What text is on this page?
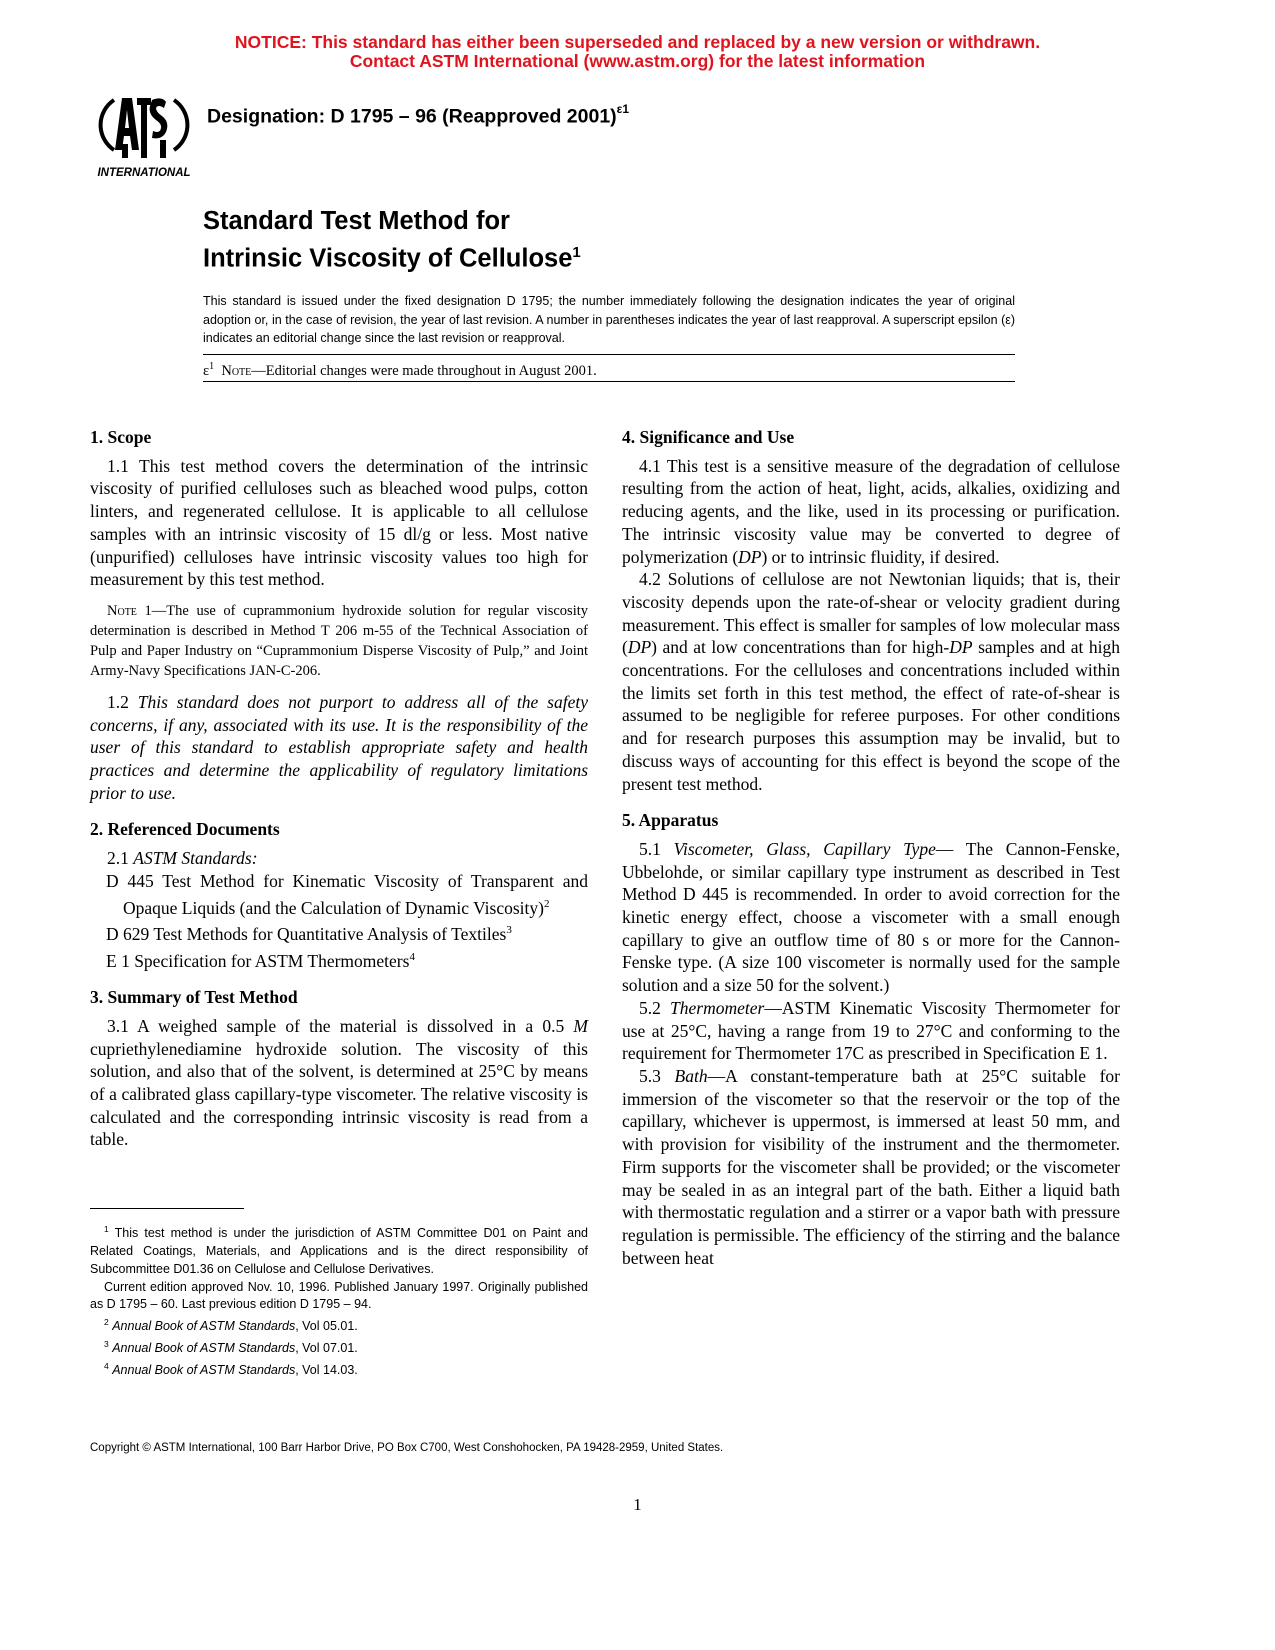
NOTICE: This standard has either been superseded and replaced by a new version or withdrawn.
Contact ASTM International (www.astm.org) for the latest information
INTERNATIONAL
Designation: D 1795 – 96 (Reapproved 2001)$^{\varepsilon 1}$
Standard Test Method for
Intrinsic Viscosity of Cellulose$^1$
This standard is issued under the fixed designation D 1795; the number immediately following the designation indicates the year of original adoption or, in the case of revision, the year of last revision. A number in parentheses indicates the year of last reapproval. A superscript epsilon (ε) indicates an editorial change since the last revision or reapproval.
$\varepsilon^1$ Note—Editorial changes were made throughout in August 2001.

1. Scope

1.1 This test method covers the determination of the intrinsic viscosity of purified celluloses such as bleached wood pulps, cotton linters, and regenerated cellulose. It is applicable to all cellulose samples with an intrinsic viscosity of 15 dl/g or less. Most native (unpurified) celluloses have intrinsic viscosity values too high for measurement by this test method.

Note 1—The use of cuprammonium hydroxide solution for regular viscosity determination is described in Method T 206 m-55 of the Technical Association of Pulp and Paper Industry on “Cuprammonium Disperse Viscosity of Pulp,” and Joint Army-Navy Specifications JAN-C-206.

1.2 This standard does not purport to address all of the safety concerns, if any, associated with its use. It is the responsibility of the user of this standard to establish appropriate safety and health practices and determine the applicability of regulatory limitations prior to use.

2. Referenced Documents

2.1 ASTM Standards:

D 445 Test Method for Kinematic Viscosity of Transparent and Opaque Liquids (and the Calculation of Dynamic Viscosity)$^2$

D 629 Test Methods for Quantitative Analysis of Textiles$^3$

E 1 Specification for ASTM Thermometers$^4$

3. Summary of Test Method

3.1 A weighed sample of the material is dissolved in a 0.5 M cupriethylenediamine hydroxide solution. The viscosity of this solution, and also that of the solvent, is determined at 25°C by means of a calibrated glass capillary-type viscometer. The relative viscosity is calculated and the corresponding intrinsic viscosity is read from a table.

4. Significance and Use

4.1 This test is a sensitive measure of the degradation of cellulose resulting from the action of heat, light, acids, alkalies, oxidizing and reducing agents, and the like, used in its processing or purification. The intrinsic viscosity value may be converted to degree of polymerization (DP) or to intrinsic fluidity, if desired.

4.2 Solutions of cellulose are not Newtonian liquids; that is, their viscosity depends upon the rate-of-shear or velocity gradient during measurement. This effect is smaller for samples of low molecular mass (DP) and at low concentrations than for high-DP samples and at high concentrations. For the celluloses and concentrations included within the limits set forth in this test method, the effect of rate-of-shear is assumed to be negligible for referee purposes. For other conditions and for research purposes this assumption may be invalid, but to discuss ways of accounting for this effect is beyond the scope of the present test method.

5. Apparatus

5.1 Viscometer, Glass, Capillary Type— The Cannon-Fenske, Ubbelohde, or similar capillary type instrument as described in Test Method D 445 is recommended. In order to avoid correction for the kinetic energy effect, choose a viscometer with a small enough capillary to give an outflow time of 80 s or more for the Cannon-Fenske type. (A size 100 viscometer is normally used for the sample solution and a size 50 for the solvent.)

5.2 Thermometer—ASTM Kinematic Viscosity Thermometer for use at 25°C, having a range from 19 to 27°C and conforming to the requirement for Thermometer 17C as prescribed in Specification E 1.

5.3 Bath—A constant-temperature bath at 25°C suitable for immersion of the viscometer so that the reservoir or the top of the capillary, whichever is uppermost, is immersed at least 50 mm, and with provision for visibility of the instrument and the thermometer. Firm supports for the viscometer shall be provided; or the viscometer may be sealed in as an integral part of the bath. Either a liquid bath with thermostatic regulation and a stirrer or a vapor bath with pressure regulation is permissible. The efficiency of the stirring and the balance between heat

$^1$ This test method is under the jurisdiction of ASTM Committee D01 on Paint and Related Coatings, Materials, and Applications and is the direct responsibility of Subcommittee D01.36 on Cellulose and Cellulose Derivatives.

Current edition approved Nov. 10, 1996. Published January 1997. Originally published as D 1795 – 60. Last previous edition D 1795 – 94.

$^2$ Annual Book of ASTM Standards, Vol 05.01.

$^3$ Annual Book of ASTM Standards, Vol 07.01.

$^4$ Annual Book of ASTM Standards, Vol 14.03.

Copyright © ASTM International, 100 Barr Harbor Drive, PO Box C700, West Conshohocken, PA 19428-2959, United States.
1
